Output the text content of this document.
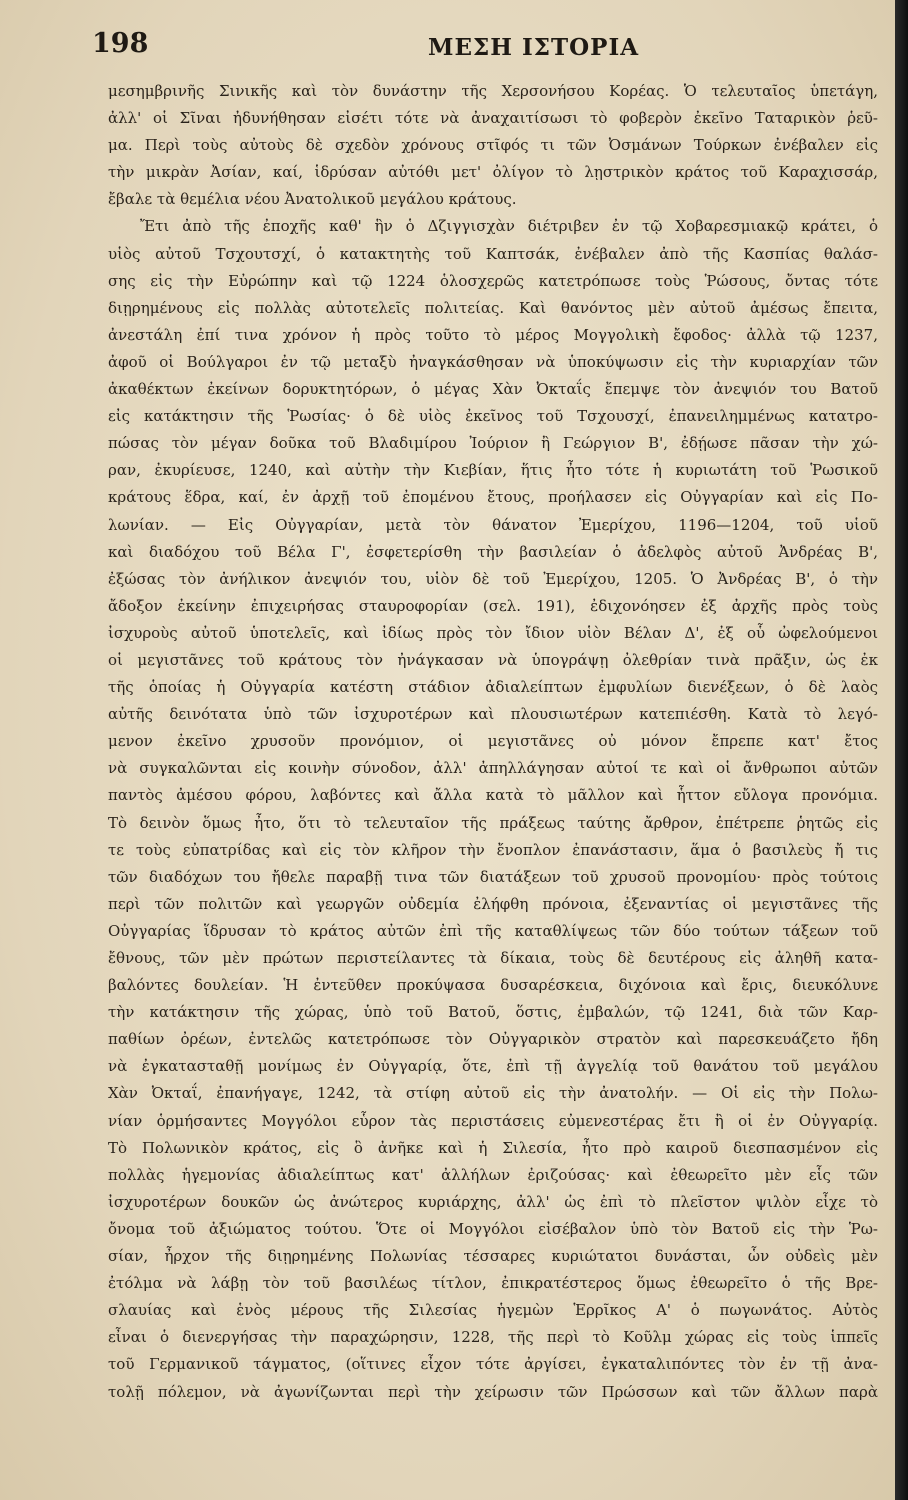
198	ΜΕΣΗ ΙΣΤΟΡΙΑ
μεσημβρινῆς Σινικῆς καὶ τὸν δυνάστην τῆς Χερσονήσου Κορέας. Ὁ τελευταῖος ὑπετάγη,
ἀλλ' οἱ Σῖναι ἠδυνήθησαν εἰσέτι τότε νὰ ἀναχαιτίσωσι τὸ φοβερὸν ἐκεῖνο Ταταρικὸν ῥεῦ-
μα. Περὶ τοὺς αὐτοὺς δὲ σχεδὸν χρόνους στῖφός τι τῶν Ὀσμάνων Τούρκων ἐνέβαλεν εἰς
τὴν μικρὰν Ἀσίαν, καί, ἱδρύσαν αὐτόθι μετ' ὀλίγον τὸ λῃστρικὸν κράτος τοῦ Καραχισσάρ,
ἔβαλε τὰ θεμέλια νέου Ἀνατολικοῦ μεγάλου κράτους.
Ἔτι ἀπὸ τῆς ἐποχῆς καθ' ἣν ὁ Δζιγγισχὰν διέτριβεν ἐν τῷ Χοβαρεσμιακῷ κράτει, ὁ
υἱὸς αὐτοῦ Τσχουτσχί, ὁ κατακτητὴς τοῦ Καπτσάκ, ἐνέβαλεν ἀπὸ τῆς Κασπίας θαλάσ-
σης εἰς τὴν Εὐρώπην καὶ τῷ 1224 ὁλοσχερῶς κατετρόπωσε τοὺς Ῥώσους, ὄντας τότε
διῃρημένους εἰς πολλὰς αὐτοτελεῖς πολιτείας. Καὶ θανόντος μὲν αὐτοῦ ἀμέσως ἔπειτα,
ἀνεστάλη ἐπί τινα χρόνον ἡ πρὸς τοῦτο τὸ μέρος Μογγολικὴ ἔφοδος· ἀλλὰ τῷ 1237,
ἀφοῦ οἱ Βούλγαροι ἐν τῷ μεταξὺ ἠναγκάσθησαν νὰ ὑποκύψωσιν εἰς τὴν κυριαρχίαν τῶν
ἀκαθέκτων ἐκείνων δορυκτητόρων, ὁ μέγας Χὰν Ὀκταΐς ἔπεμψε τὸν ἀνεψιόν του Βατοῦ
εἰς κατάκτησιν τῆς Ῥωσίας· ὁ δὲ υἱὸς ἐκεῖνος τοῦ Τσχουσχί, ἐπανειλημμένως κατατρο-
πώσας τὸν μέγαν δοῦκα τοῦ Βλαδιμίρου Ἰούριον ἢ Γεώργιον Β', ἐδῄωσε πᾶσαν τὴν χώ-
ραν, ἐκυρίευσε, 1240, καὶ αὐτὴν τὴν Κιεβίαν, ἥτις ἦτο τότε ἡ κυριωτάτη τοῦ Ῥωσικοῦ
κράτους ἕδρα, καί, ἐν ἀρχῇ τοῦ ἐπομένου ἔτους, προήλασεν εἰς Οὐγγαρίαν καὶ εἰς Πο-
λωνίαν. — Εἰς Οὐγγαρίαν, μετὰ τὸν θάνατον Ἐμερίχου, 1196—1204, τοῦ υἱοῦ
καὶ διαδόχου τοῦ Βέλα Γ', ἐσφετερίσθη τὴν βασιλείαν ὁ ἀδελφὸς αὐτοῦ Ἀνδρέας Β',
ἐξώσας τὸν ἀνήλικον ἀνεψιόν του, υἱὸν δὲ τοῦ Ἐμερίχου, 1205. Ὁ Ἀνδρέας Β', ὁ τὴν
ἄδοξον ἐκείνην ἐπιχειρήσας σταυροφορίαν (σελ. 191), ἐδιχονόησεν ἐξ ἀρχῆς πρὸς τοὺς
ἰσχυροὺς αὐτοῦ ὑποτελεῖς, καὶ ἰδίως πρὸς τὸν ἴδιον υἱὸν Βέλαν Δ', ἐξ οὗ ὠφελούμενοι
οἱ μεγιστᾶνες τοῦ κράτους τὸν ἠνάγκασαν νὰ ὑπογράψῃ ὀλεθρίαν τινὰ πρᾶξιν, ὡς ἐκ
τῆς ὁποίας ἡ Οὐγγαρία κατέστη στάδιον ἀδιαλείπτων ἐμφυλίων διενέξεων, ὁ δὲ λαὸς
αὐτῆς δεινότατα ὑπὸ τῶν ἰσχυροτέρων καὶ πλουσιωτέρων κατεπιέσθη. Κατὰ τὸ λεγό-
μενον ἐκεῖνο χρυσοῦν προνόμιον, οἱ μεγιστᾶνες οὐ μόνον ἔπρεπε κατ' ἔτος
νὰ συγκαλῶνται εἰς κοινὴν σύνοδον, ἀλλ' ἀπηλλάγησαν αὐτοί τε καὶ οἱ ἄνθρωποι αὐτῶν
παντὸς ἀμέσου φόρου, λαβόντες καὶ ἄλλα κατὰ τὸ μᾶλλον καὶ ἧττον εὔλογα προνόμια.
Τὸ δεινὸν ὅμως ἦτο, ὅτι τὸ τελευταῖον τῆς πράξεως ταύτης ἄρθρον, ἐπέτρεπε ῥητῶς εἰς
τε τοὺς εὐπατρίδας καὶ εἰς τὸν κλῆρον τὴν ἔνοπλον ἐπανάστασιν, ἅμα ὁ βασιλεὺς ἤ τις
τῶν διαδόχων του ἤθελε παραβῇ τινα τῶν διατάξεων τοῦ χρυσοῦ προνομίου· πρὸς τούτοις
περὶ τῶν πολιτῶν καὶ γεωργῶν οὐδεμία ἐλήφθη πρόνοια, ἐξεναντίας οἱ μεγιστᾶνες τῆς
Οὐγγαρίας ἵδρυσαν τὸ κράτος αὐτῶν ἐπὶ τῆς καταθλίψεως τῶν δύο τούτων τάξεων τοῦ
ἔθνους, τῶν μὲν πρώτων περιστείλαντες τὰ δίκαια, τοὺς δὲ δευτέρους εἰς ἀληθῆ κατα-
βαλόντες δουλείαν. Ἡ ἐντεῦθεν προκύψασα δυσαρέσκεια, διχόνοια καὶ ἔρις, διευκόλυνε
τὴν κατάκτησιν τῆς χώρας, ὑπὸ τοῦ Βατοῦ, ὅστις, ἐμβαλών, τῷ 1241, διὰ τῶν Καρ-
παθίων ὀρέων, ἐντελῶς κατετρόπωσε τὸν Οὐγγαρικὸν στρατὸν καὶ παρεσκευάζετο ἤδη
νὰ ἐγκατασταθῇ μονίμως ἐν Οὐγγαρίᾳ, ὅτε, ἐπὶ τῇ ἀγγελίᾳ τοῦ θανάτου τοῦ μεγάλου
Χὰν Ὀκταΐ, ἐπανήγαγε, 1242, τὰ στίφη αὐτοῦ εἰς τὴν ἀνατολήν. — Οἱ εἰς τὴν Πολω-
νίαν ὁρμήσαντες Μογγόλοι εὗρον τὰς περιστάσεις εὐμενεστέρας ἔτι ἢ οἱ ἐν Οὐγγαρίᾳ.
Τὸ Πολωνικὸν κράτος, εἰς ὃ ἀνῆκε καὶ ἡ Σιλεσία, ἦτο πρὸ καιροῦ διεσπασμένον εἰς
πολλὰς ἡγεμονίας ἀδιαλείπτως κατ' ἀλλήλων ἐριζούσας· καὶ ἐθεωρεῖτο μὲν εἷς τῶν
ἰσχυροτέρων δουκῶν ὡς ἀνώτερος κυριάρχης, ἀλλ' ὡς ἐπὶ τὸ πλεῖστον ψιλὸν εἶχε τὸ
ὄνομα τοῦ ἀξιώματος τούτου. Ὅτε οἱ Μογγόλοι εἰσέβαλον ὑπὸ τὸν Βατοῦ εἰς τὴν Ῥω-
σίαν, ἦρχον τῆς διῃρημένης Πολωνίας τέσσαρες κυριώτατοι δυνάσται, ὧν οὐδεὶς μὲν
ἐτόλμα νὰ λάβῃ τὸν τοῦ βασιλέως τίτλον, ἐπικρατέστερος ὅμως ἐθεωρεῖτο ὁ τῆς Βρε-
σλαυίας καὶ ἑνὸς μέρους τῆς Σιλεσίας ἡγεμὼν Ἑρρῖκος Α' ὁ πωγωνάτος. Αὐτὸς
εἶναι ὁ διενεργήσας τὴν παραχώρησιν, 1228, τῆς περὶ τὸ Κοῦλμ χώρας εἰς τοὺς ἱππεῖς
τοῦ Γερμανικοῦ τάγματος, (οἵτινες εἶχον τότε ἀργίσει, ἐγκαταλιπόντες τὸν ἐν τῇ ἀνα-
τολῇ πόλεμον, νὰ ἀγωνίζωνται περὶ τὴν χείρωσιν τῶν Πρώσσων καὶ τῶν ἄλλων παρὰ
